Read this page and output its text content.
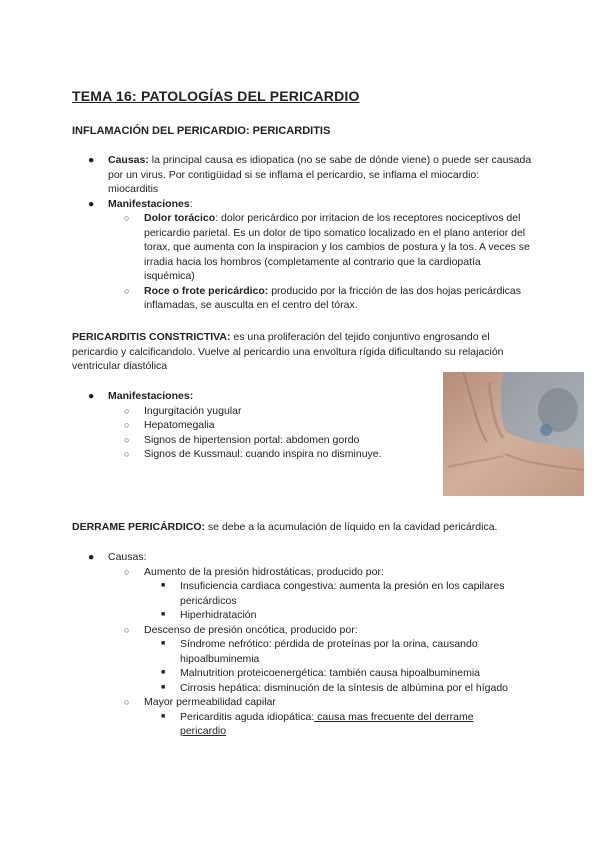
TEMA 16: PATOLOGÍAS DEL PERICARDIO
INFLAMACIÓN DEL PERICARDIO: PERICARDITIS
● Causas: la principal causa es idiopatica (no se sabe de dónde viene) o puede ser causada por un virus. Por contigüidad si se inflama el pericardio, se inflama el miocardio: miocarditis
● Manifestaciones:
○ Dolor torácico: dolor pericárdico por irritacion de los receptores nociceptivos del pericardio parietal. Es un dolor de tipo somatico localizado en el plano anterior del torax, que aumenta con la inspiracion y los cambios de postura y la tos. A veces se irradia hacia los hombros (completamente al contrario que la cardiopatía isquémica)
○ Roce o frote pericárdico: producido por la fricción de las dos hojas pericárdicas inflamadas, se ausculta en el centro del tórax.

PERICARDITIS CONSTRICTIVA: es una proliferación del tejido conjuntivo engrosando el pericardio y calcificandolo. Vuelve al pericardio una envoltura rígida dificultando su relajación ventricular diastólica

● Manifestaciones:
○ Ingurgitación yugular
○ Hepatomegalia
○ Signos de hipertension portal: abdomen gordo
○ Signos de Kussmaul: cuando inspira no disminuye.

DERRAME PERICÁRDICO: se debe a la acumulación de líquido en la cavidad pericárdica.

● Causas:
○ Aumento de la presión hidrostáticas, producido por:
■ Insuficiencia cardiaca congestiva: aumenta la presión en los capilares pericárdicos
■ Hiperhidratación
○ Descenso de presión oncótica, producido por:
■ Síndrome nefrótico: pérdida de proteínas por la orina, causando hipoalbuminemia
■ Malnutrition proteicoenergética: también causa hipoalbuminemia
■ Cirrosis hepática: disminución de la síntesis de albúmina por el hígado
○ Mayor permeabilidad capilar
■ Pericarditis aguda idiopática: causa mas frecuente del derrame pericardio
